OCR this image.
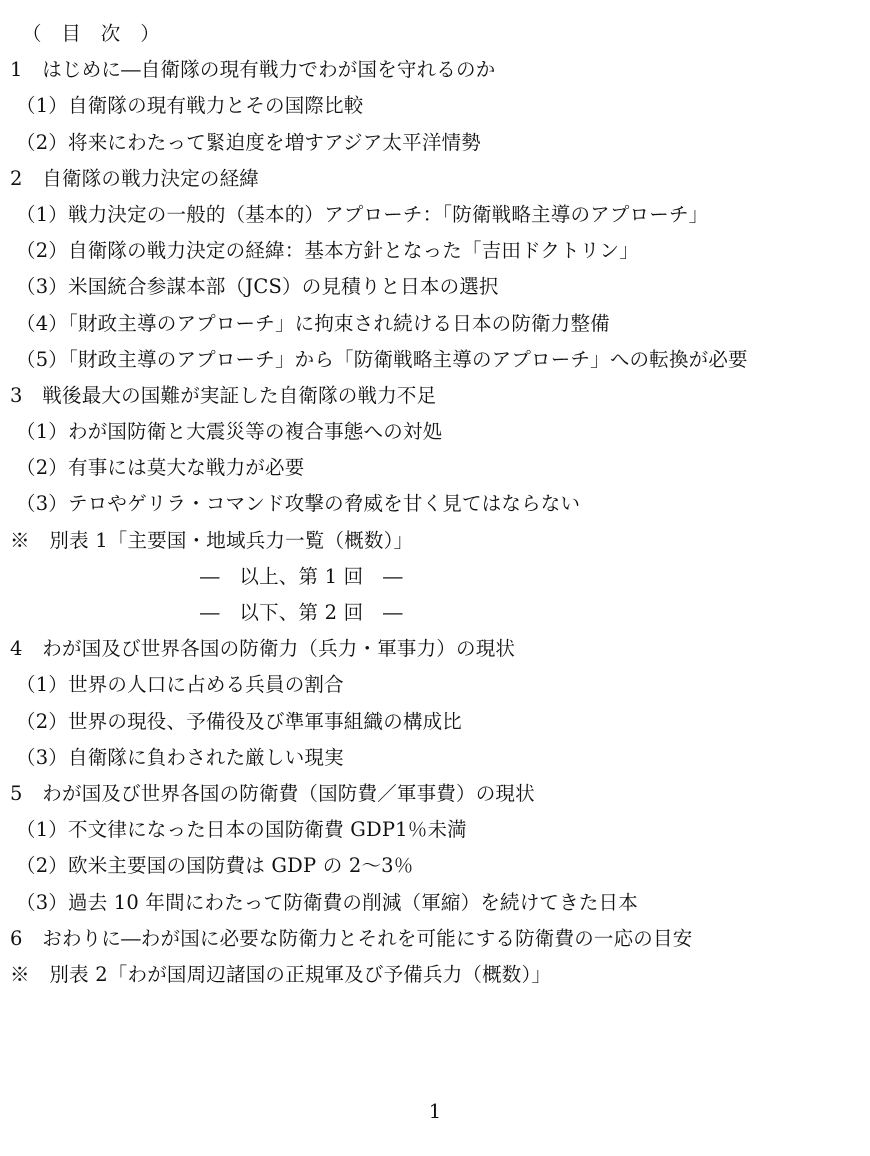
（　目　次　）
1　はじめに―自衛隊の現有戦力でわが国を守れるのか
（1）自衛隊の現有戦力とその国際比較
（2）将来にわたって緊迫度を増すアジア太平洋情勢
2　自衛隊の戦力決定の経緯
（1）戦力決定の一般的（基本的）アプローチ：「防衛戦略主導のアプローチ」
（2）自衛隊の戦力決定の経緯：基本方針となった「吉田ドクトリン」
（3）米国統合参謀本部（JCS）の見積りと日本の選択
（4）「財政主導のアプローチ」に拘束され続ける日本の防衛力整備
（5）「財政主導のアプローチ」から「防衛戦略主導のアプローチ」への転換が必要
3　戦後最大の国難が実証した自衛隊の戦力不足
（1）わが国防衛と大震災等の複合事態への対処
（2）有事には莫大な戦力が必要
（3）テロやゲリラ・コマンド攻撃の脅威を甘く見てはならない
※　別表 1「主要国・地域兵力一覧（概数）」
―　以上、第 1 回　―
―　以下、第 2 回　―
4　わが国及び世界各国の防衛力（兵力・軍事力）の現状
（1）世界の人口に占める兵員の割合
（2）世界の現役、予備役及び準軍事組織の構成比
（3）自衛隊に負わされた厳しい現実
5　わが国及び世界各国の防衛費（国防費／軍事費）の現状
（1）不文律になった日本の国防衛費 GDP1％未満
（2）欧米主要国の国防費は GDP の 2～3％
（3）過去 10 年間にわたって防衛費の削減（軍縮）を続けてきた日本
6　おわりに―わが国に必要な防衛力とそれを可能にする防衛費の一応の目安
※　別表 2「わが国周辺諸国の正規軍及び予備兵力（概数）」
1
